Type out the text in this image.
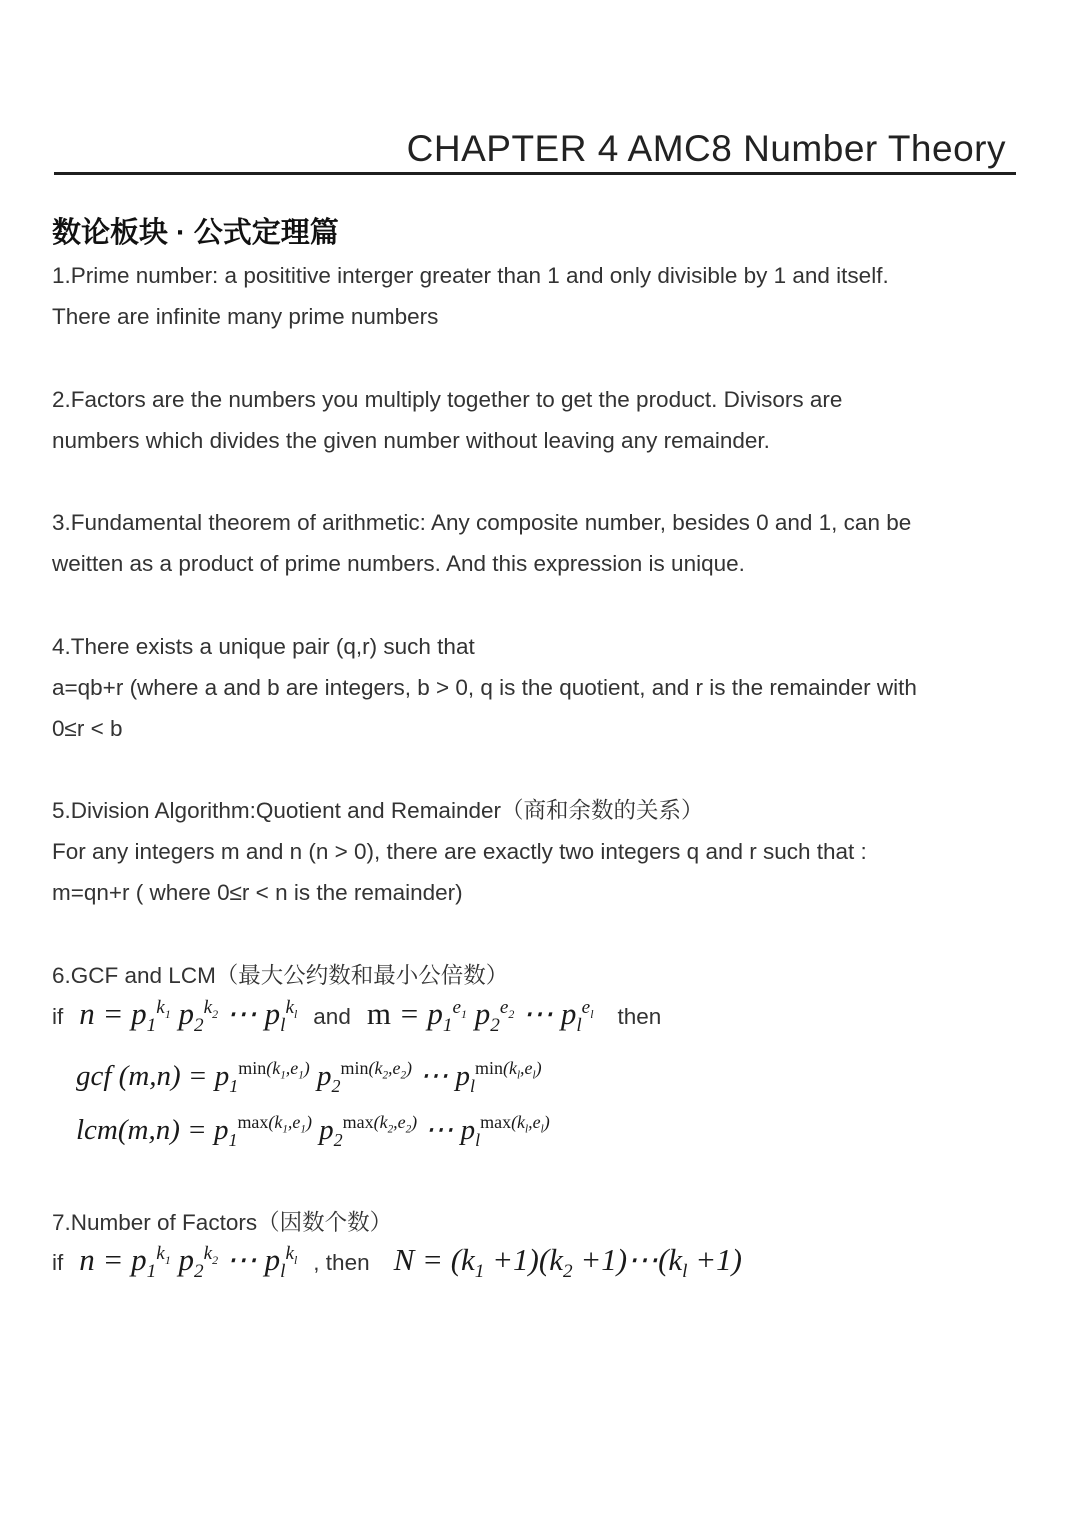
CHAPTER 4 AMC8 Number Theory
数论板块 · 公式定理篇
1.Prime number: a posititive interger greater than 1 and only divisible by 1 and itself.
There are infinite many prime numbers
2.Factors are the numbers you multiply together to get the product. Divisors are
numbers which divides the given number without leaving any remainder.
3.Fundamental theorem of arithmetic: Any composite number, besides 0 and 1, can be
weitten as a product of prime numbers. And this expression is unique.
4.There exists a unique pair (q,r) such that
a=qb+r (where a and b are integers, b > 0, q is the quotient, and r is the remainder with
0≤r < b
5.Division Algorithm:Quotient and Remainder（商和余数的关系）
For any integers m and n (n > 0), there are exactly two integers q and r such that :
m=qn+r ( where 0≤r < n is the remainder)
6.GCF and LCM（最大公约数和最小公倍数）
if $n = p_1^{k_1}$ $p_2^{k_2}$ ⋯ $p_l^{k_l}$ and $m = p_1^{e_1}$ $p_2^{e_2}$ ⋯ $p_l^{e_l}$ then
gcf $(m,n) = p_1^{min(k_1,e_1)}$ $p_2^{min(k_2,e_2)}$ ⋯ $p_l^{min(k_l,e_l)}$
$lcm(m,n) = p_1^{max(k_1,e_1)}$ $p_2^{max(k_2,e_2)}$ ⋯ $p_l^{max(k_l,e_l)}$
7.Number of Factors（因数个数）
if $n = p_1^{k_1}$ $p_2^{k_2}$ ⋯ $p_l^{k_l}$ , then $N = (k_1 +1)(k_2$ $+1)\cdots(k_l +1)$
